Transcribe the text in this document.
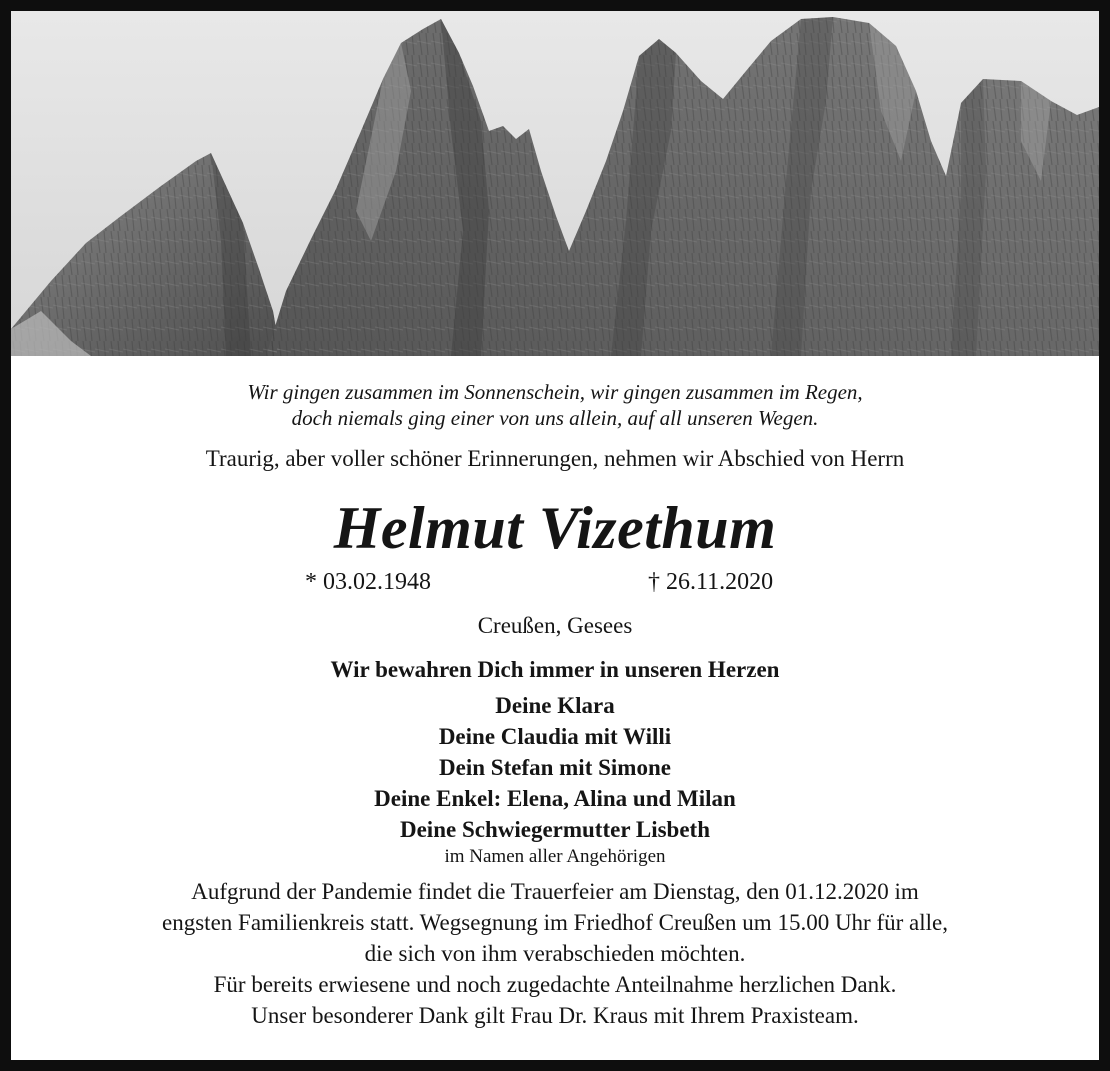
Wir gingen zusammen im Sonnenschein, wir gingen zusammen im Regen,
doch niemals ging einer von uns allein, auf all unseren Wegen.
Traurig, aber voller schöner Erinnerungen, nehmen wir Abschied von Herrn
Helmut Vizethum
* 03.02.1948	† 26.11.2020
Creußen, Gesees
Wir bewahren Dich immer in unseren Herzen
Deine Klara
Deine Claudia mit Willi
Dein Stefan mit Simone
Deine Enkel: Elena, Alina und Milan
Deine Schwiegermutter Lisbeth
im Namen aller Angehörigen
Aufgrund der Pandemie findet die Trauerfeier am Dienstag, den 01.12.2020 im
engsten Familienkreis statt. Wegsegnung im Friedhof Creußen um 15.00 Uhr für alle,
die sich von ihm verabschieden möchten.
Für bereits erwiesene und noch zugedachte Anteilnahme herzlichen Dank.
Unser besonderer Dank gilt Frau Dr. Kraus mit Ihrem Praxisteam.
